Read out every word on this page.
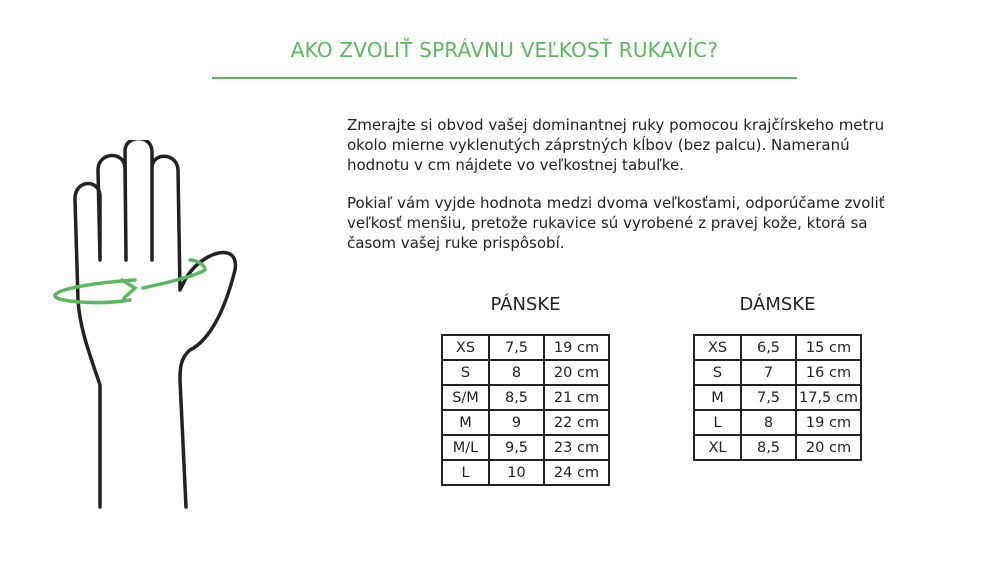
AKO ZVOLIŤ SPRÁVNU VEĽKOSŤ RUKAVÍC?
Zmerajte si obvod vašej dominantnej ruky pomocou krajčírskeho metru okolo mierne vyklenutých záprstných kĺbov (bez palcu). Nameranú hodnotu v cm nájdete vo veľkostnej tabuľke.
Pokiaľ vám vyjde hodnota medzi dvoma veľkosťami, odporúčame zvoliť veľkosť menšiu, pretože rukavice sú vyrobené z pravej kože, ktorá sa časom vašej ruke prispôsobí.
PÁNSKE
XS	7,5	19 cm
S	8	20 cm
S/M	8,5	21 cm
M	9	22 cm
M/L	9,5	23 cm
L	10	24 cm
DÁMSKE
XS	6,5	15 cm
S	7	16 cm
M	7,5	17,5 cm
L	8	19 cm
XL	8,5	20 cm
